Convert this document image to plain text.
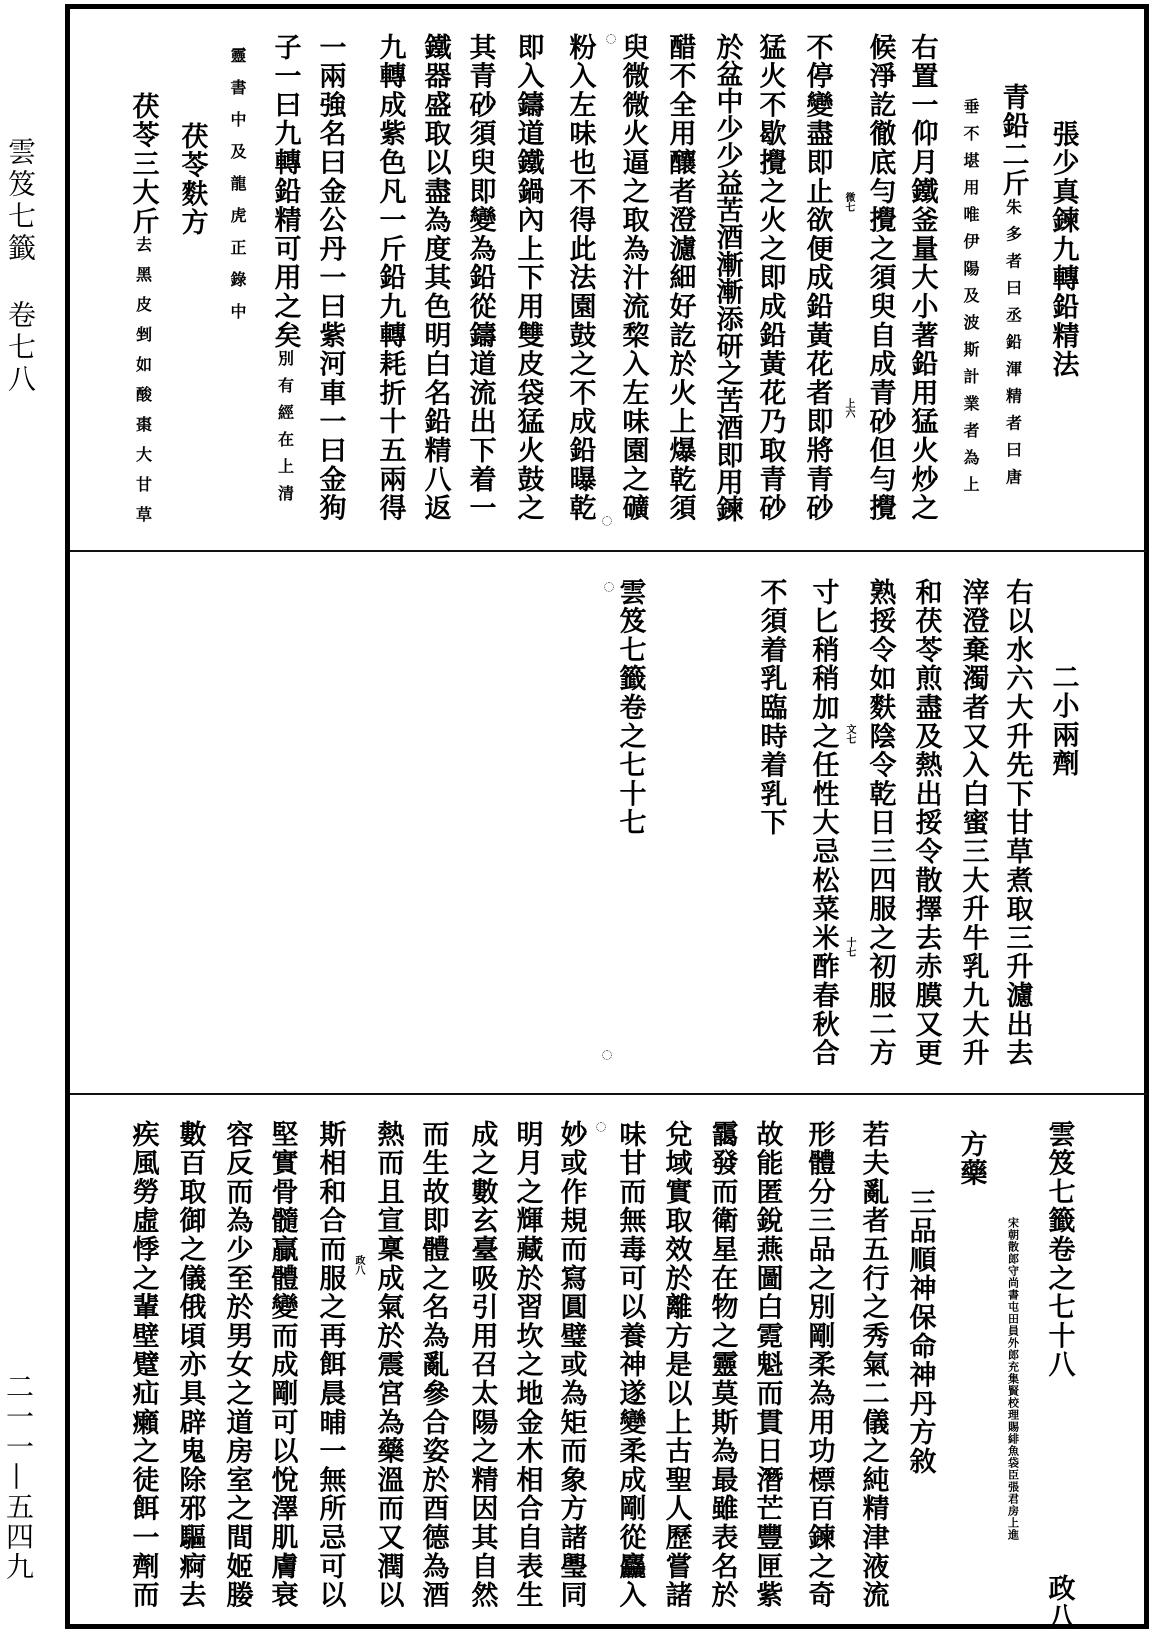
雲笈七籤
卷七八
二一一—五四九
張少真鍊九轉鉛精法
青鉛二斤朱多者曰丞鉛渾精者曰唐
垂不堪用唯伊陽及波斯計業者為上
右置一仰月鐵釜量大小著鉛用猛火炒之
候淨訖徹底勻攪之須臾自成青砂但勻攪
微七
上六
不停變盡即止欲便成鉛黃花者即將青砂
猛火不歇攪之火之即成鉛黃花乃取青砂
於盆中少少益苦酒漸漸添研之苦酒即用鍊
醋不全用釀者澄濾細好訖於火上爆乾須
臾微微火逼之取為汁流棃入左味園之礦
粉入左味也不得此法園鼓之不成鉛曝乾
即入鑄道鐵鍋內上下用雙皮袋猛火鼓之
其青砂須臾即變為鉛從鑄道流出下着一
鐵器盛取以盡為度其色明白名鉛精八返
九轉成紫色凡一斤鉛九轉耗折十五兩得
一兩強名曰金公丹一曰紫河車一曰金狗
子一曰九轉鉛精可用之矣別有經在上清
靈書中及龍虎正錄中
茯苓麩方
茯苓三大斤去黑皮剉如酸棗大甘草
二小兩劑
右以水六大升先下甘草煮取三升濾出去
滓澄棄濁者又入白蜜三大升牛乳九大升
和茯苓煎盡及熱出挼令散擇去赤膜又更
熟挼令如麩陰令乾日三四服之初服二方
文七
十七
寸匕稍稍加之任性大忌松菜米酢春秋合
不須着乳臨時着乳下
雲笈七籤卷之七十七
雲笈七籤卷之七十八
政八
宋朝散郎守尚書屯田員外郎充集賢校理賜緋魚袋臣張君房上進
方藥
三品順神保命神丹方敘
若夫亂者五行之秀氣二儀之純精津液流
形體分三品之別剛柔為用功標百鍊之奇
故能匿銳燕圖白霓魁而貫日潛芒豐匣紫
靄發而衛星在物之靈莫斯為最雖表名於
兌域實取效於離方是以上古聖人歷嘗諸
味甘而無毒可以養神遂變柔成剛從麤入
妙或作規而寫圓璧或為矩而象方諸璺同
明月之輝藏於習坎之地金木相合自表生
成之數玄臺吸引用召太陽之精因其自然
而生故即體之名為亂參合姿於酉德為酒
熱而且宣稟成氣於震宮為藥溫而又潤以
政八
斯相和合而服之再餌晨晡一無所忌可以
堅實骨髓贏體變而成剛可以悅澤肌膚衰
容反而為少至於男女之道房室之間姬媵
數百取御之儀俄頃亦具辟鬼除邪驅痾去
疾風勞虛悸之輩壁躄疝癩之徒餌一劑而
